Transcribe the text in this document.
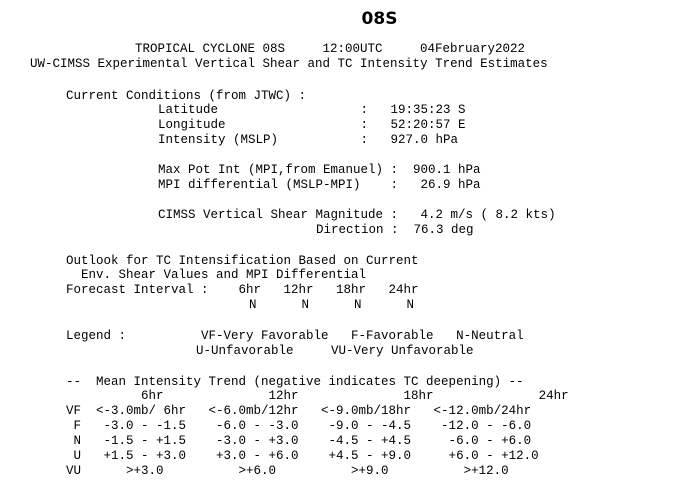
08S
TROPICAL CYCLONE 08S     12:00UTC     04February2022
UW-CIMSS Experimental Vertical Shear and TC Intensity Trend Estimates
Current Conditions (from JTWC) :
Latitude                   :   19:35:23 S
Longitude                  :   52:20:57 E
Intensity (MSLP)           :   927.0 hPa
Max Pot Int (MPI,from Emanuel) :  900.1 hPa
MPI differential (MSLP-MPI)    :   26.9 hPa
CIMSS Vertical Shear Magnitude :   4.2 m/s ( 8.2 kts)
Direction :  76.3 deg
Outlook for TC Intensification Based on Current
Env. Shear Values and MPI Differential
Forecast Interval :    6hr   12hr   18hr   24hr
N      N      N      N
Legend :          VF-Very Favorable   F-Favorable   N-Neutral
U-Unfavorable     VU-Very Unfavorable
--  Mean Intensity Trend (negative indicates TC deepening) --
6hr              12hr              18hr              24hr
VF  <-3.0mb/ 6hr   <-6.0mb/12hr   <-9.0mb/18hr   <-12.0mb/24hr
F   -3.0 - -1.5    -6.0 - -3.0    -9.0 - -4.5    -12.0 - -6.0
N   -1.5 - +1.5    -3.0 - +3.0    -4.5 - +4.5     -6.0 - +6.0
U   +1.5 - +3.0    +3.0 - +6.0    +4.5 - +9.0     +6.0 - +12.0
VU      >+3.0          >+6.0          >+9.0          >+12.0
